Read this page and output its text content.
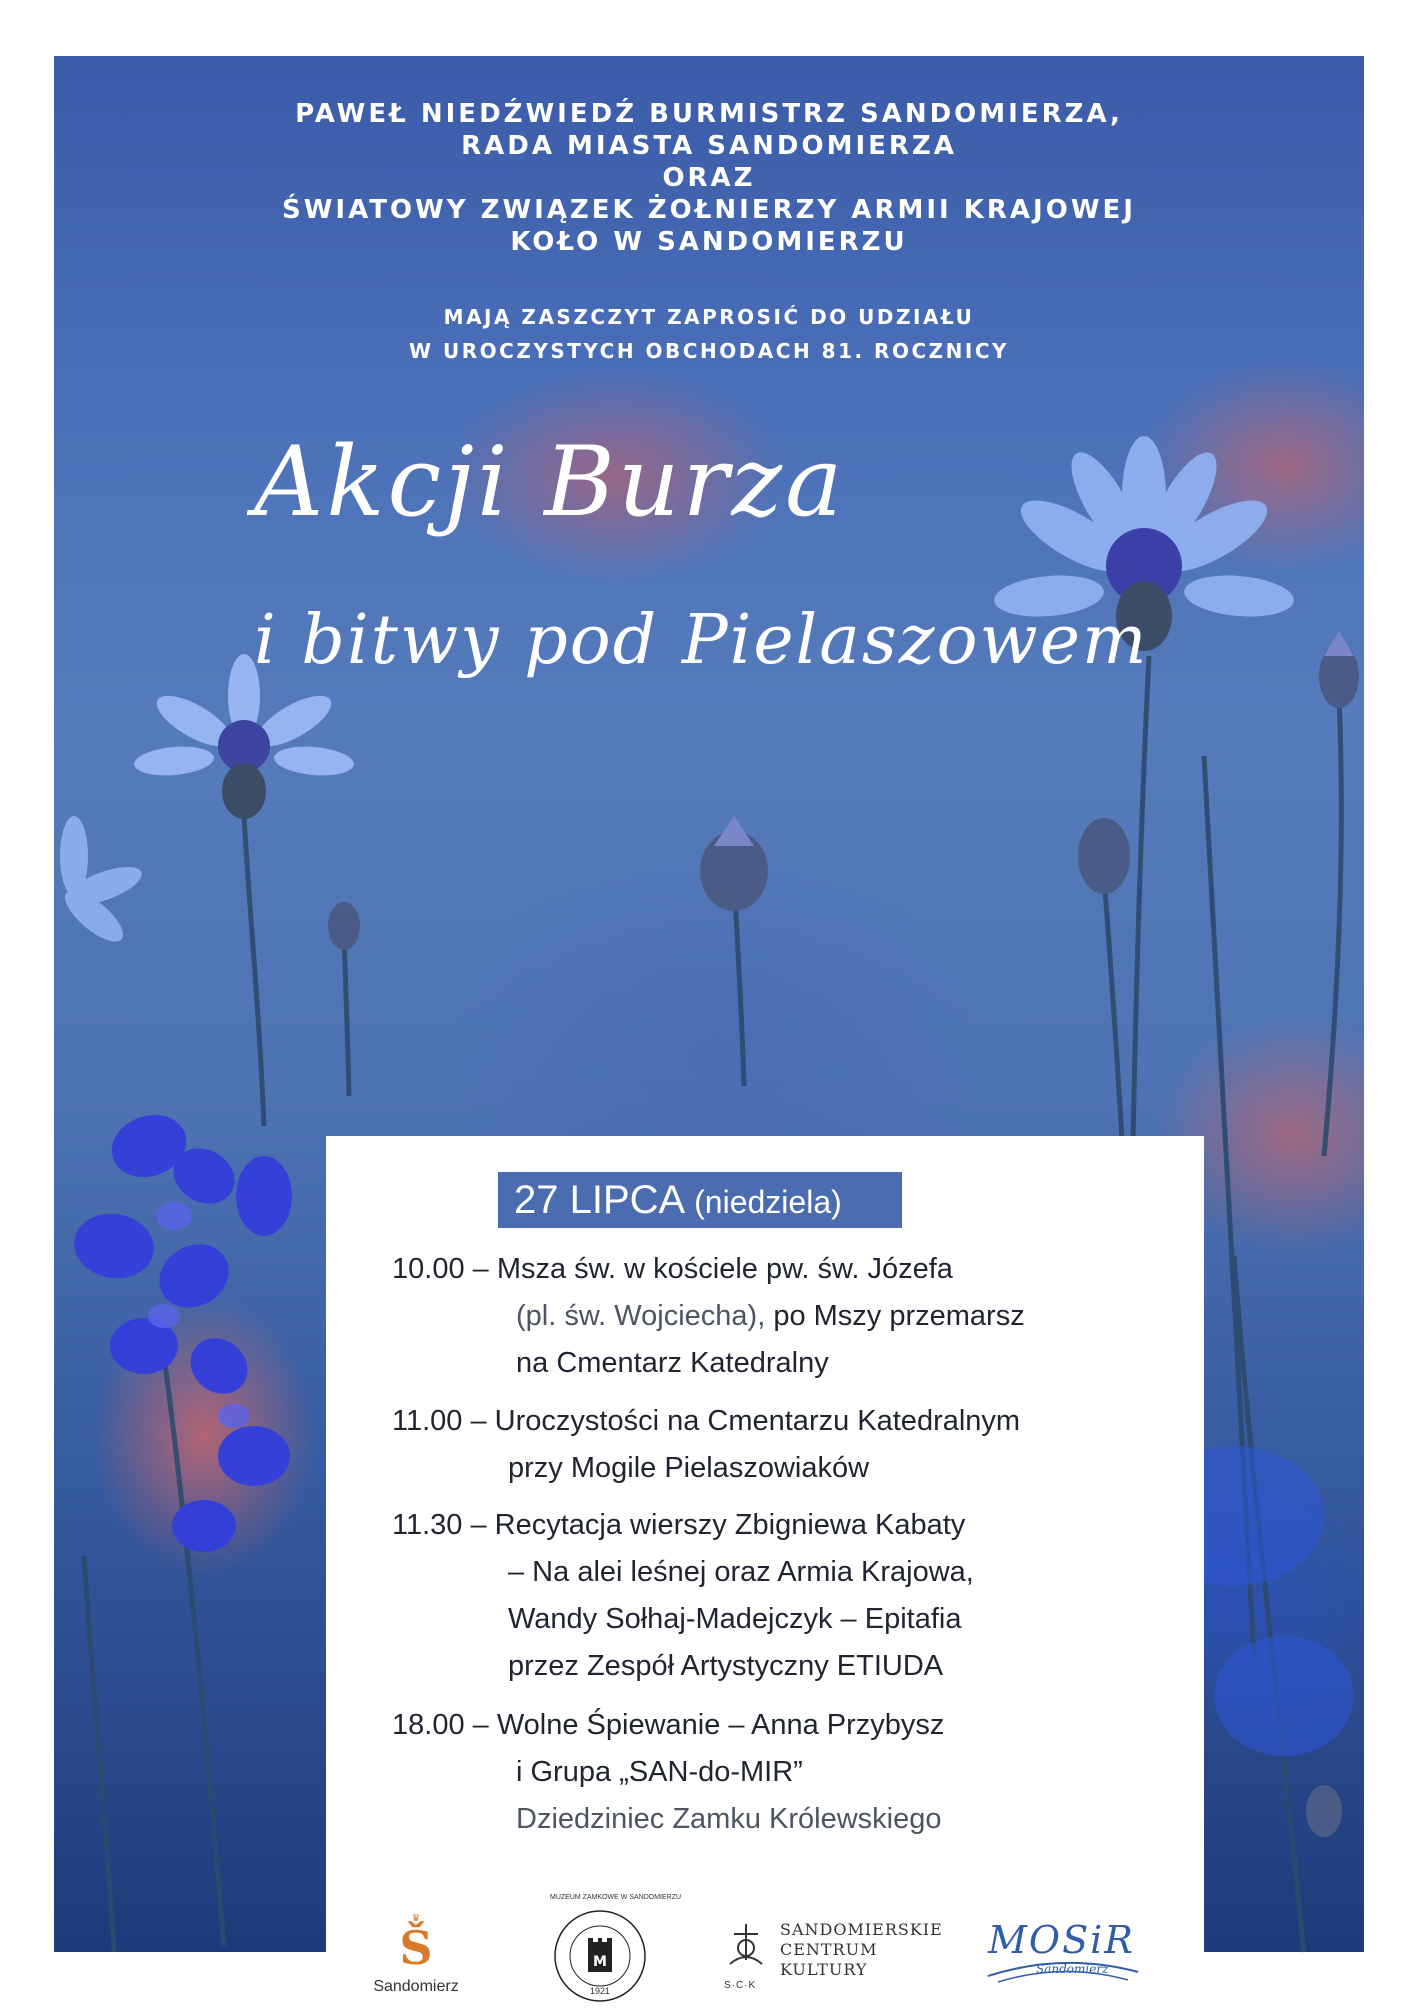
PAWEŁ NIEDŹWIEDŹ BURMISTRZ SANDOMIERZA,
RADA MIASTA SANDOMIERZA
ORAZ
ŚWIATOWY ZWIĄZEK ŻOŁNIERZY ARMII KRAJOWEJ
KOŁO W SANDOMIERZU
MAJĄ ZASZCZYT ZAPROSIĆ DO UDZIAŁU
W UROCZYSTYCH OBCHODACH 81. ROCZNICY
Akcji Burza
i bitwy pod Pielaszowem
27 LIPCA (niedziela)
10.00 – Msza św. w kościele pw. św. Józefa
(pl. św. Wojciecha), po Mszy przemarsz
na Cmentarz Katedralny
11.00 – Uroczystości na Cmentarzu Katedralnym
przy Mogile Pielaszowiaków
11.30 – Recytacja wierszy Zbigniewa Kabaty
– Na alei leśnej oraz Armia Krajowa,
Wandy Sołhaj-Madejczyk – Epitafia
przez Zespół Artystyczny ETIUDA
18.00 – Wolne Śpiewanie – Anna Przybysz
i Grupa „SAN-do-MIR”
Dziedziniec Zamku Królewskiego
♛
Š
Sandomierz
M
1921
MUZEUM ZAMKOWE W SANDOMIERZU
S·C·K
SANDOMIERSKIE
CENTRUM
KULTURY
MOSiR
Sandomierz
